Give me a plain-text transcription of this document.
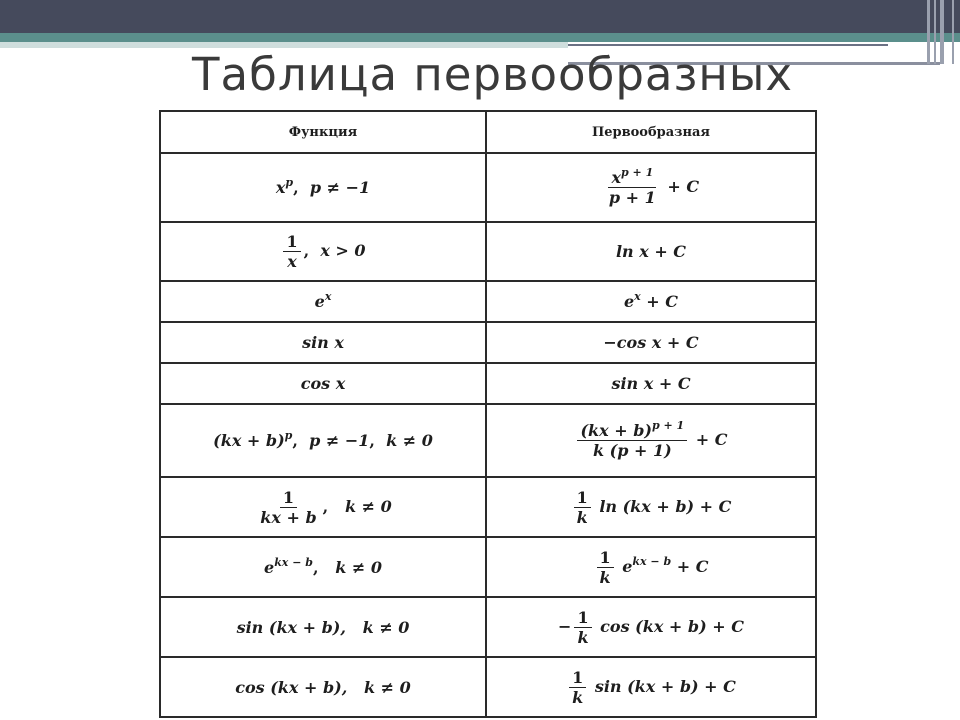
Таблица первообразных
Функция	Первообразная
$x^p$,  p ≠ −1	$\frac{x^{p + 1}}{p + 1} + C$

$\frac{1}{x}$ ,  x > 0	ln x + C
$e^x$	$e^x + C$
sin x	−cos x + C
cos x	sin x + C
(kx + b)$^p$,  p ≠ −1,  k ≠ 0	$\frac{(kx + b)^{p + 1}}{k (p + 1)} + C$

$\frac{1}{kx + b}$ ,   k ≠ 0	$\frac{1}{k}$ ln (kx + b) + C
$e^{kx - b}$,   k ≠ 0	$\frac{1}{k} e^{kx - b} + C$
sin (kx + b), k ≠ 0	− $\frac{1}{k}$ cos (kx + b) + C
cos (kx + b), k ≠ 0	$\frac{1}{k}$ sin (kx + b) + C
